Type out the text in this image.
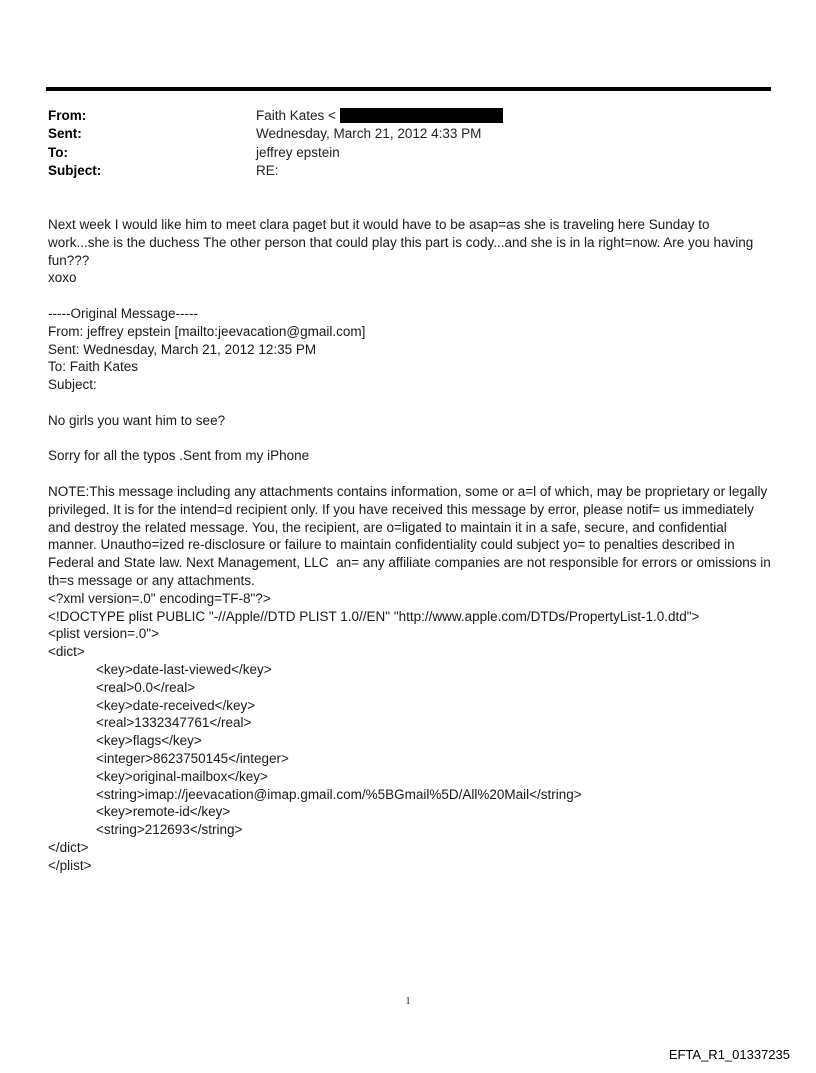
From:	Faith Kates <
Sent:	Wednesday, March 21, 2012 4:33 PM
To:	jeffrey epstein
Subject:	RE:

Next week I would like him to meet clara paget but it would have to be asap=as she is traveling here Sunday to

work...she is the duchess The other person that could play this part is cody...and she is in la right=now. Are you having

fun???

xoxo

-----Original Message-----

From: jeffrey epstein [mailto:jeevacation@gmail.com]

Sent: Wednesday, March 21, 2012 12:35 PM

To: Faith Kates

Subject:

No girls you want him to see?

Sorry for all the typos .Sent from my iPhone

NOTE:This message including any attachments contains information, some or a=l of which, may be proprietary or legally

privileged. It is for the intend=d recipient only. If you have received this message by error, please notif= us immediately

and destroy the related message. You, the recipient, are o=ligated to maintain it in a safe, secure, and confidential

manner. Unautho=ized re-disclosure or failure to maintain confidentiality could subject yo= to penalties described in

Federal and State law. Next Management, LLC  an= any affiliate companies are not responsible for errors or omissions in

th=s message or any attachments.

<?xml version=.0" encoding=TF-8"?>

<!DOCTYPE plist PUBLIC "-//Apple//DTD PLIST 1.0//EN" "http://www.apple.com/DTDs/PropertyList-1.0.dtd">

<plist version=.0">

<dict>

<key>date-last-viewed</key>

<real>0.0</real>

<key>date-received</key>

<real>1332347761</real>

<key>flags</key>

<integer>8623750145</integer>

<key>original-mailbox</key>

<string>imap://jeevacation@imap.gmail.com/%5BGmail%5D/All%20Mail</string>

<key>remote-id</key>

<string>212693</string>

</dict>

</plist>

1
EFTA_R1_01337235
